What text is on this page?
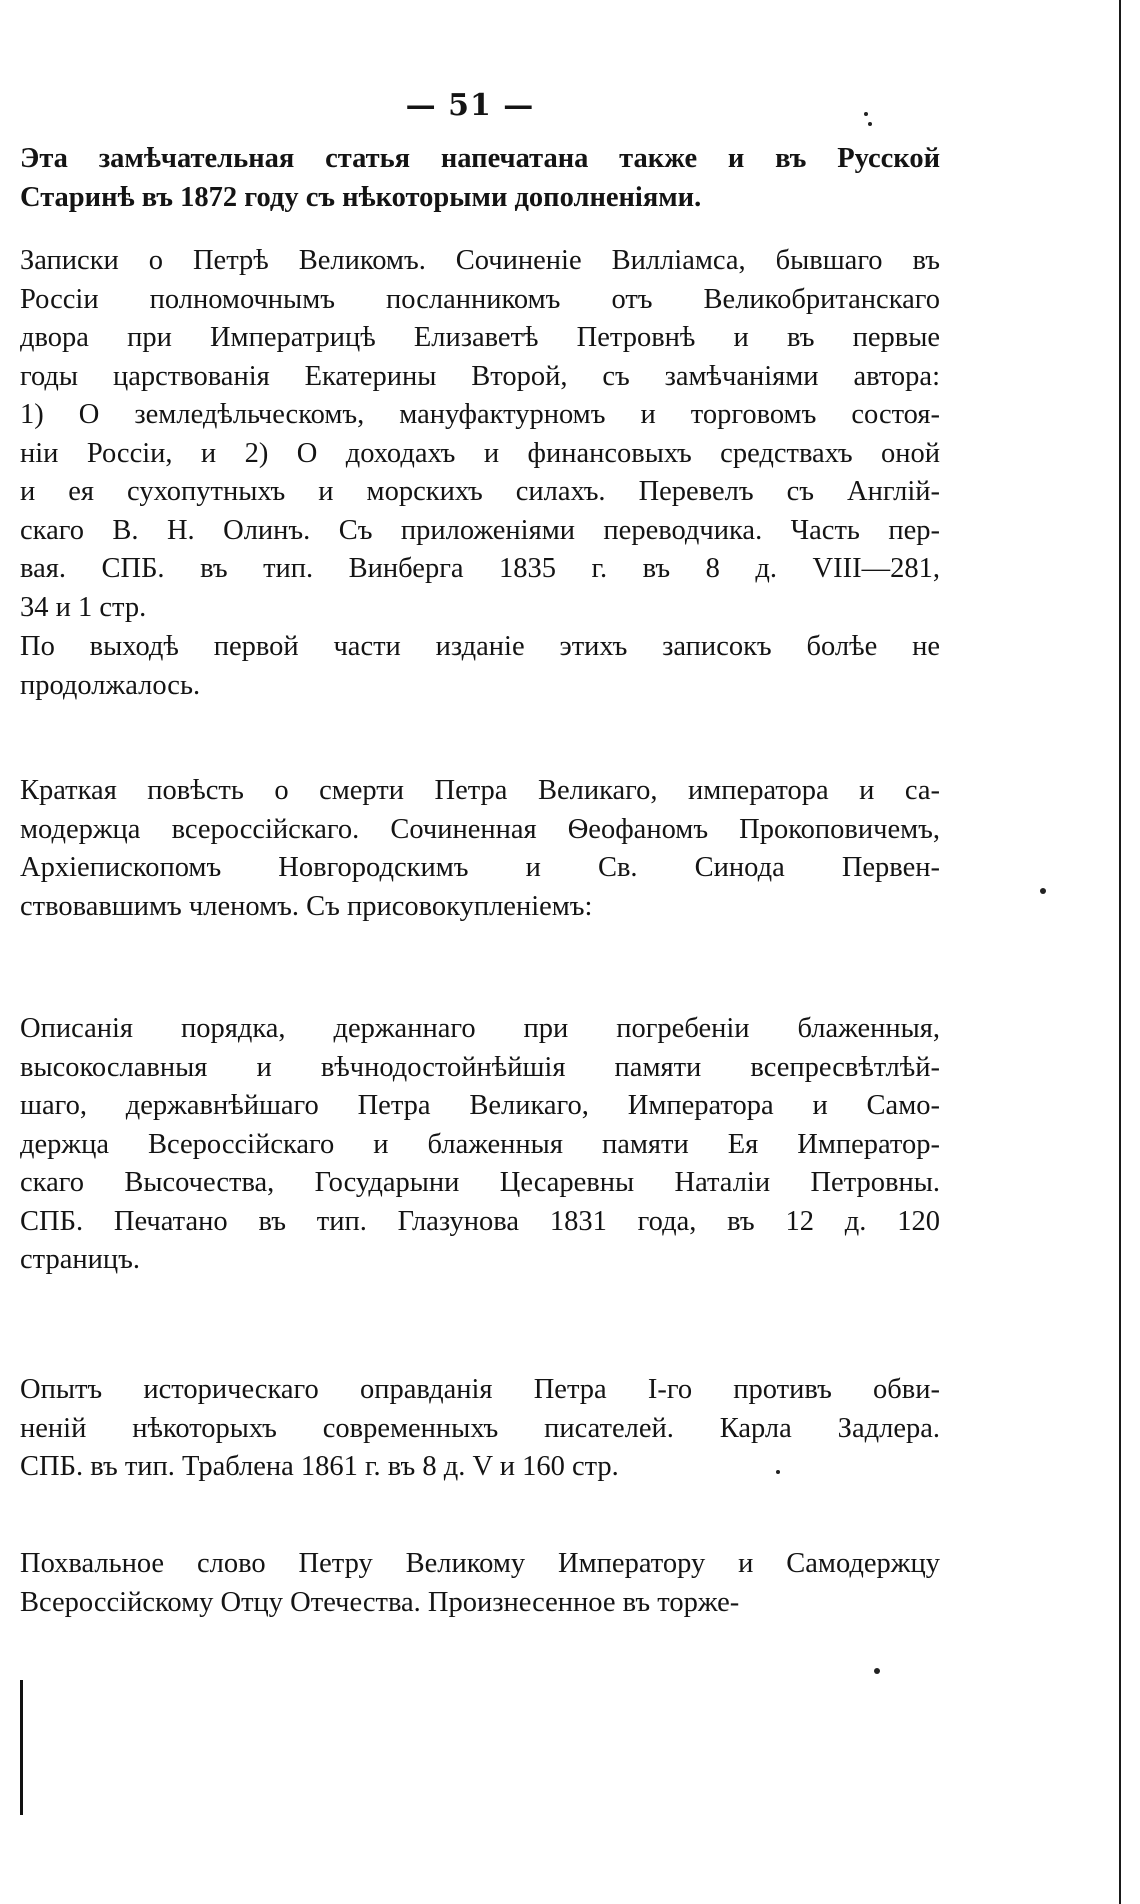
— 51 —
Эта замѣчательная статья напечатана также и въ Русской
Старинѣ въ 1872 году съ нѣкоторыми дополненіями.
Записки о Петрѣ Великомъ. Сочиненіе Вилліамса, бывшаго въ
Россіи полномочнымъ посланникомъ отъ Великобританскаго
двора при Императрицѣ Елизаветѣ Петровнѣ и въ первые
годы царствованія Екатерины Второй, съ замѣчаніями автора:
1) О земледѣльческомъ, мануфактурномъ и торговомъ состоя-
ніи Россіи, и 2) О доходахъ и финансовыхъ средствахъ оной
и ея сухопутныхъ и морскихъ силахъ. Перевелъ съ Англій-
скаго В. Н. Олинъ. Съ приложеніями переводчика. Часть пер-
вая. СПБ. въ тип. Винберга 1835 г. въ 8 д. VIII—281,
34 и 1 стр.
По выходѣ первой части изданіе этихъ записокъ болѣе не
продолжалось.
Краткая повѣсть о смерти Петра Великаго, императора и са-
модержца всероссійскаго. Сочиненная Ѳеофаномъ Прокоповичемъ,
Архіепископомъ Новгородскимъ и Св. Синода Первен-
ствовавшимъ членомъ. Съ присовокупленіемъ:
Описанія порядка, держаннаго при погребеніи блаженныя,
высокославныя и вѣчнодостойнѣйшія памяти всепресвѣтлѣй-
шаго, державнѣйшаго Петра Великаго, Императора и Само-
держца Всероссійскаго и блаженныя памяти Ея Император-
скаго Высочества, Государыни Цесаревны Наталіи Петровны.
СПБ. Печатано въ тип. Глазунова 1831 года, въ 12 д. 120
страницъ.
Опытъ историческаго оправданія Петра I-го противъ обви-
неній нѣкоторыхъ современныхъ писателей. Карла Задлера.
СПБ. въ тип. Траблена 1861 г. въ 8 д. V и 160 стр.
Похвальное слово Петру Великому Императору и Самодержцу
Всероссійскому Отцу Отечества. Произнесенное въ торже-
